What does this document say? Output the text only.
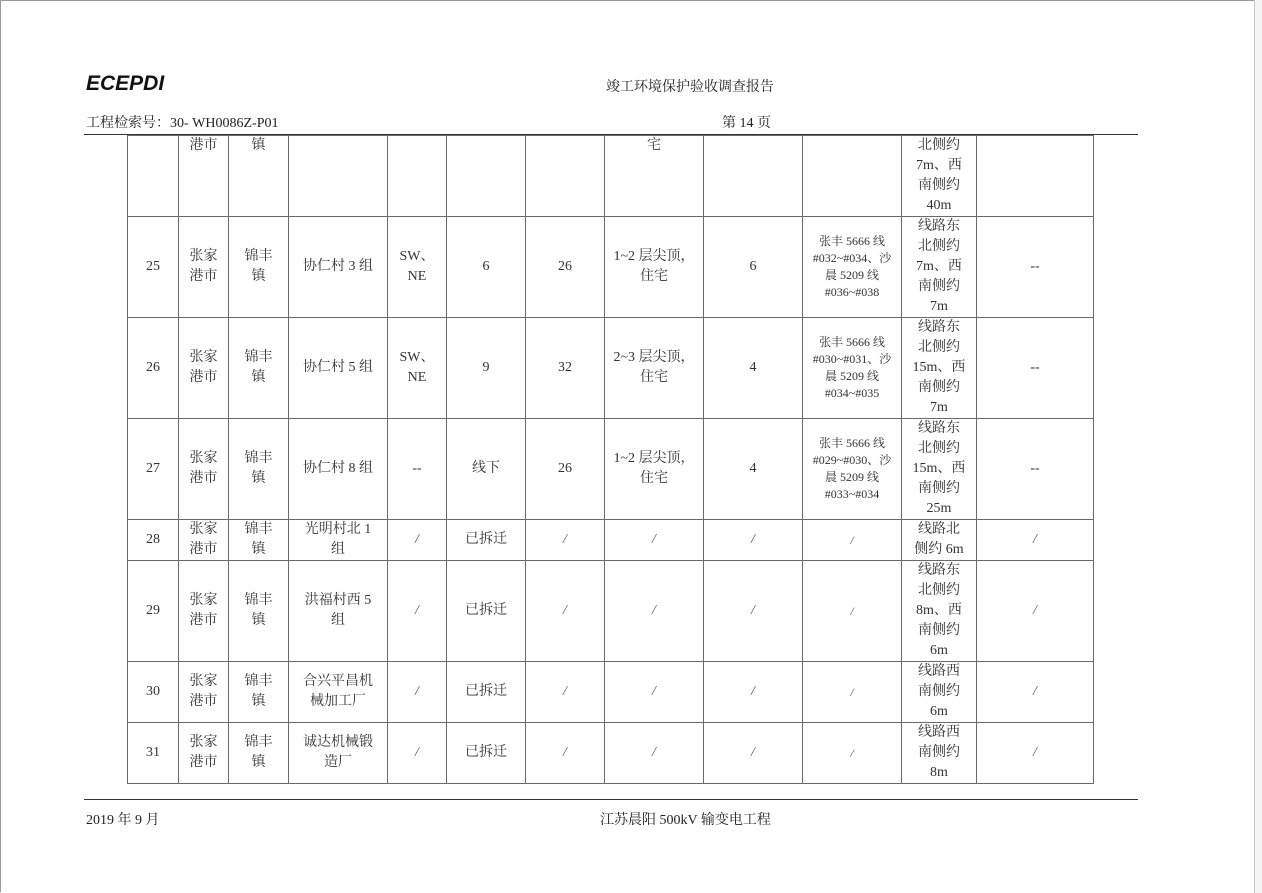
ECEPDI	竣工环境保护验收调查报告
工程检索号：30- WH0086Z-P01	第 14 页

	港市	镇					宅			北侧约
7m、西
南侧约
40m	

25	张家
港市	锦丰
镇	协仁村 3 组	SW、
NE	6	26	1~2 层尖顶，
住宅	6	张丰 5666 线
#032~#034、沙
晨 5209 线
#036~#038	线路东
北侧约
7m、西
南侧约
7m	--

26	张家
港市	锦丰
镇	协仁村 5 组	SW、
NE	9	32	2~3 层尖顶，
住宅	4	张丰 5666 线
#030~#031、沙
晨 5209 线
#034~#035	线路东
北侧约
15m、西
南侧约
7m	--

27	张家
港市	锦丰
镇	协仁村 8 组	--	线下	26	1~2 层尖顶，
住宅	4	张丰 5666 线
#029~#030、沙
晨 5209 线
#033~#034	线路东
北侧约
15m、西
南侧约
25m	--

28	张家
港市	锦丰
镇	光明村北 1
组	/	已拆迁	/	/	/	/	线路北
侧约 6m	/

29	张家
港市	锦丰
镇	洪福村西 5
组	/	已拆迁	/	/	/	/	线路东
北侧约
8m、西
南侧约
6m	/

30	张家
港市	锦丰
镇	合兴平昌机
械加工厂	/	已拆迁	/	/	/	/	线路西
南侧约
6m	/

31	张家
港市	锦丰
镇	诚达机械锻
造厂	/	已拆迁	/	/	/	/	线路西
南侧约
8m	/
2019 年 9 月	江苏晨阳 500kV 输变电工程
